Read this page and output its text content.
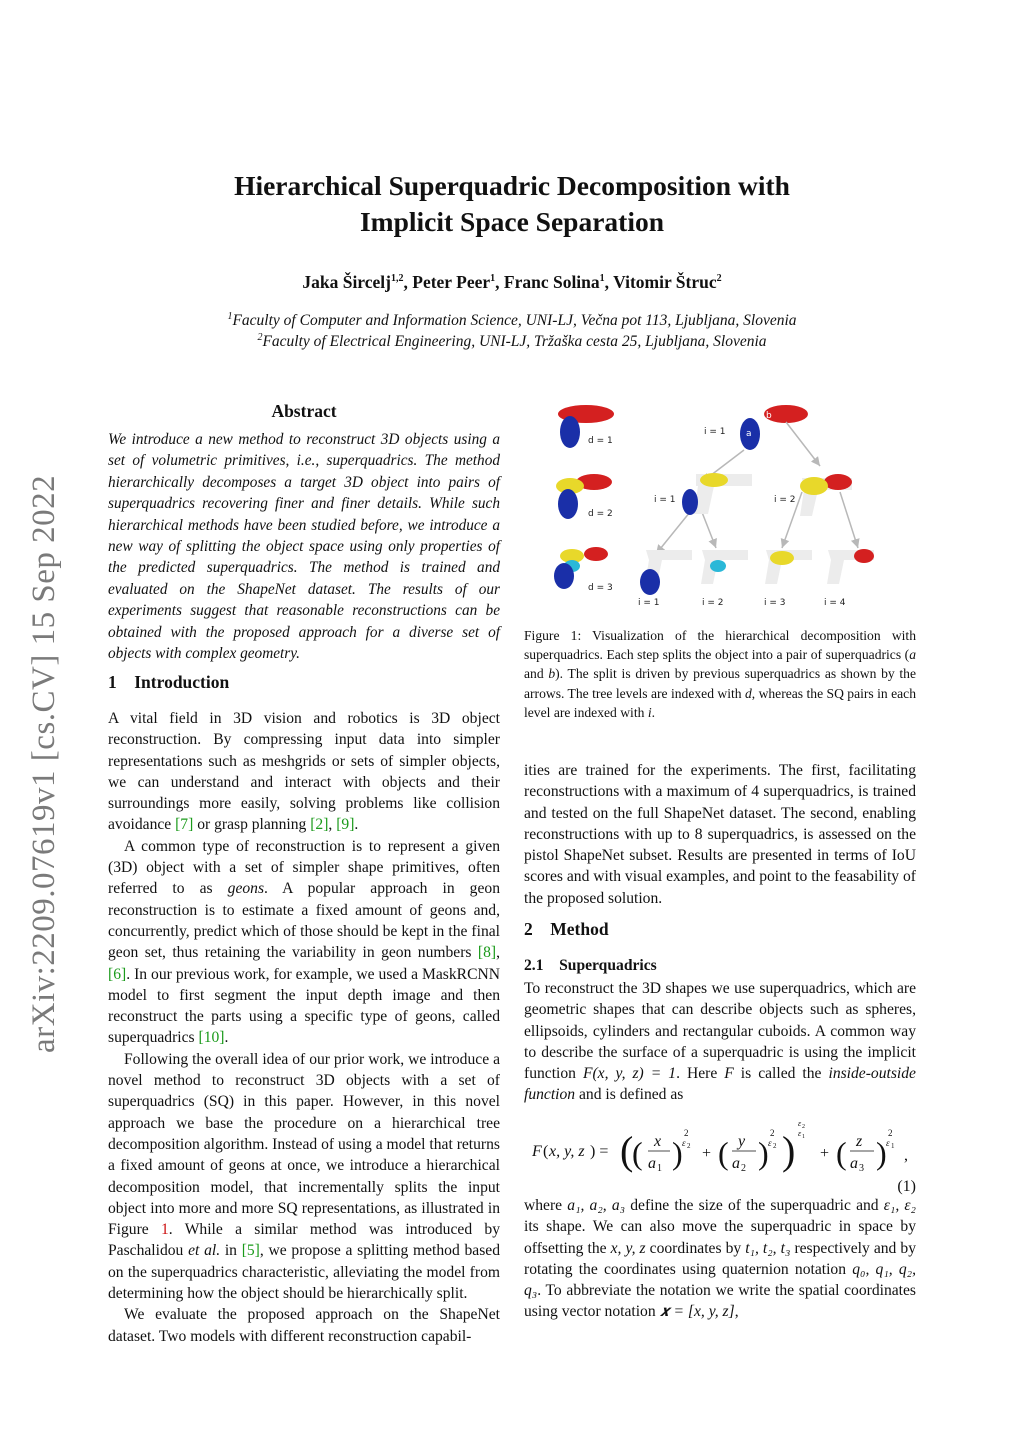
arXiv:2209.07619v1 [cs.CV] 15 Sep 2022
Hierarchical Superquadric Decomposition with
Implicit Space Separation
Jaka Šircelj$^{1,2}$, Peter Peer$^1$, Franc Solina$^1$, Vitomir Štruc$^2$
$^1$Faculty of Computer and Information Science, UNI-LJ, Večna pot 113, Ljubljana, Slovenia
$^2$Faculty of Electrical Engineering, UNI-LJ, Tržaška cesta 25, Ljubljana, Slovenia
Abstract

We introduce a new method to reconstruct 3D objects using a set of volumetric primitives, i.e., superquadrics. The method hierarchically decomposes a target 3D object into pairs of superquadrics recovering finer and finer details. While such hierarchical methods have been studied before, we introduce a new way of splitting the object space using only properties of the predicted superquadrics. The method is trained and evaluated on the ShapeNet dataset. The results of our experiments suggest that reasonable reconstructions can be obtained with the proposed approach for a diverse set of objects with complex geometry.

1 Introduction

A vital field in 3D vision and robotics is 3D object reconstruction. By compressing input data into simpler representations such as meshgrids or sets of simpler objects, we can understand and interact with objects and their surroundings more easily, solving problems like collision avoidance [7] or grasp planning [2], [9].

A common type of reconstruction is to represent a given (3D) object with a set of simpler shape primitives, often referred to as geons. A popular approach in geon reconstruction is to estimate a fixed amount of geons and, concurrently, predict which of those should be kept in the final geon set, thus retaining the variability in geon numbers [8], [6]. In our previous work, for example, we used a MaskRCNN model to first segment the input depth image and then reconstruct the parts using a specific type of geons, called superquadrics [10].

Following the overall idea of our prior work, we introduce a novel method to reconstruct 3D objects with a set of superquadrics (SQ) in this paper. However, in this novel approach we base the procedure on a hierarchical tree decomposition algorithm. Instead of using a model that returns a fixed amount of geons at once, we introduce a hierarchical decomposition model, that incrementally splits the input object into more and more SQ representations, as illustrated in Figure 1. While a similar method was introduced by Paschalidou et al. in [5], we propose a splitting method based on the superquadrics characteristic, alleviating the model from determining how the object should be hierarchically split.

We evaluate the proposed approach on the ShapeNet dataset. Two models with different reconstruction capabil-

d = 1
d = 2
d = 3
b
a
i = 1
i = 1	i = 2
i = 1	i = 2	i = 3	i = 4

Figure 1: Visualization of the hierarchical decomposition with superquadrics. Each step splits the object into a pair of superquadrics (a and b). The split is driven by previous superquadrics as shown by the arrows. The tree levels are indexed with d, whereas the SQ pairs in each level are indexed with i.

ities are trained for the experiments. The first, facilitating reconstructions with a maximum of 4 superquadrics, is trained and tested on the full ShapeNet dataset. The second, enabling reconstructions with up to 8 superquadrics, is assessed on the pistol ShapeNet subset. Results are presented in terms of IoU scores and with visual examples, and point to the feasability of the proposed solution.

2 Method
2.1 Superquadrics

To reconstruct the 3D shapes we use superquadrics, which are geometric shapes that can describe objects such as spheres, ellipsoids, cylinders and rectangular cuboids. A common way to describe the surface of a superquadric is using the implicit function F(x, y, z) = 1. Here F is called the inside-outside function and is defined as

F ( x, y, z ) = (
( x
a 1 )
2
ε 2 + ( y
a 2 )
2
ε 2 )
ε 2
ε 1
+ ( z
a 3 )
2
ε 1
,
(1)

where a₁, a₂, a₃ define the size of the superquadric and ε₁, ε₂ its shape. We can also move the superquadric in space by offsetting the x, y, z coordinates by t₁, t₂, t₃ respectively and by rotating the coordinates using quaternion notation q₀, q₁, q₂, q₃. To abbreviate the notation we write the spatial coordinates using vector notation 𝒙 = [x, y, z],
